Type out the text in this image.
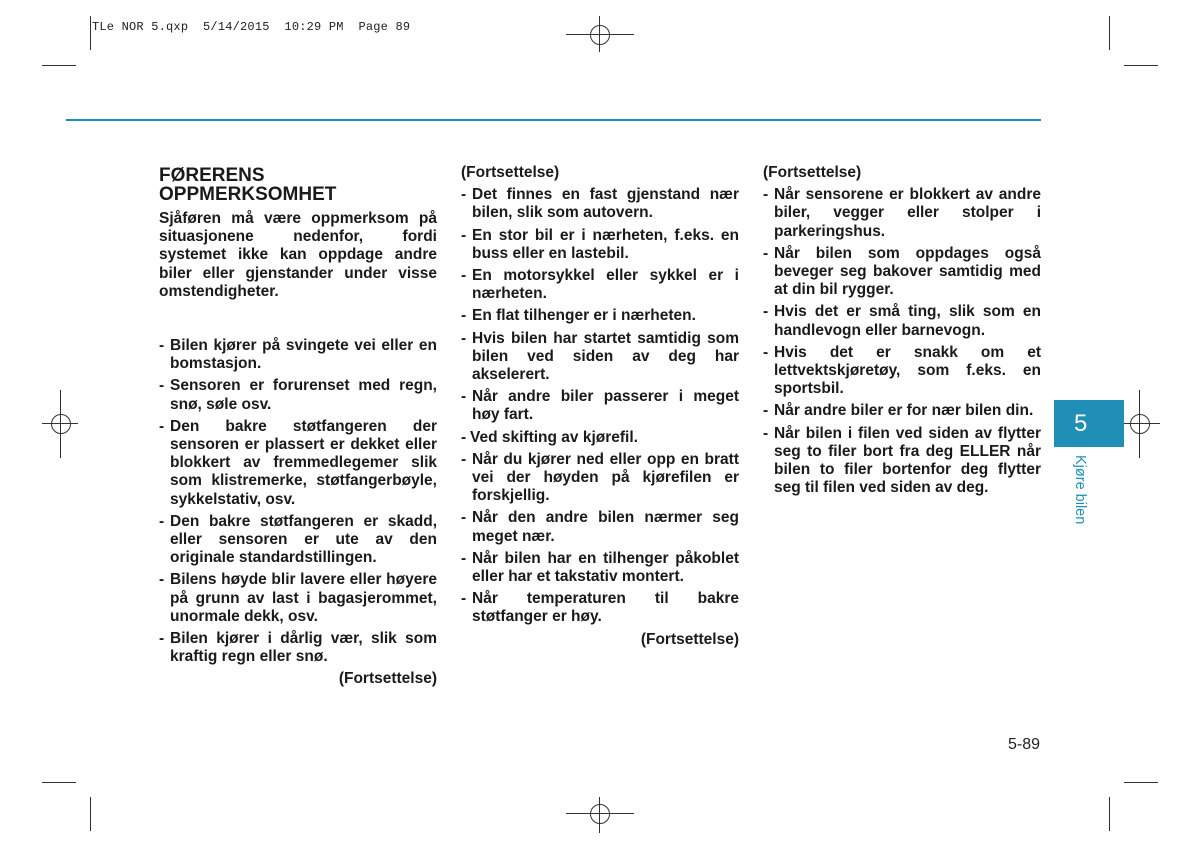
TLe NOR 5.qxp  5/14/2015  10:29 PM  Page 89
FØRERENS
OPPMERKSOMHET

Sjåføren må være oppmerksom på situasjonene nedenfor, fordi systemet ikke kan oppdage andre biler eller gjenstander under visse omstendigheter.

- Bilen kjører på svingete vei eller en bomstasjon.
- Sensoren er forurenset med regn, snø, søle osv.
- Den bakre støtfangeren der sensoren er plassert er dekket eller blokkert av fremmedlegemer slik som klistremerke, støtfangerbøyle, sykkelstativ, osv.
- Den bakre støtfangeren er skadd, eller sensoren er ute av den originale standardstillingen.
- Bilens høyde blir lavere eller høyere på grunn av last i bagasjerommet, unormale dekk, osv.
- Bilen kjører i dårlig vær, slik som kraftig regn eller snø.
(Fortsettelse)
(Fortsettelse)
- Det finnes en fast gjenstand nær bilen, slik som autovern.
- En stor bil er i nærheten, f.eks. en buss eller en lastebil.
- En motorsykkel eller sykkel er i nærheten.
- En flat tilhenger er i nærheten.
- Hvis bilen har startet samtidig som bilen ved siden av deg har akselerert.
- Når andre biler passerer i meget høy fart.
- Ved skifting av kjørefil.
- Når du kjører ned eller opp en bratt vei der høyden på kjørefilen er forskjellig.
- Når den andre bilen nærmer seg meget nær.
- Når bilen har en tilhenger påkoblet eller har et takstativ montert.
- Når temperaturen til bakre støtfanger er høy.
(Fortsettelse)
(Fortsettelse)
- Når sensorene er blokkert av andre biler, vegger eller stolper i parkeringshus.
- Når bilen som oppdages også beveger seg bakover samtidig med at din bil rygger.
- Hvis det er små ting, slik som en handlevogn eller barnevogn.
- Hvis det er snakk om et lettvektskjøretøy, som f.eks. en sportsbil.
- Når andre biler er for nær bilen din.
- Når bilen i filen ved siden av flytter seg to filer bort fra deg ELLER når bilen to filer bortenfor deg flytter seg til filen ved siden av deg.
5
Kjøre bilen
5-89
